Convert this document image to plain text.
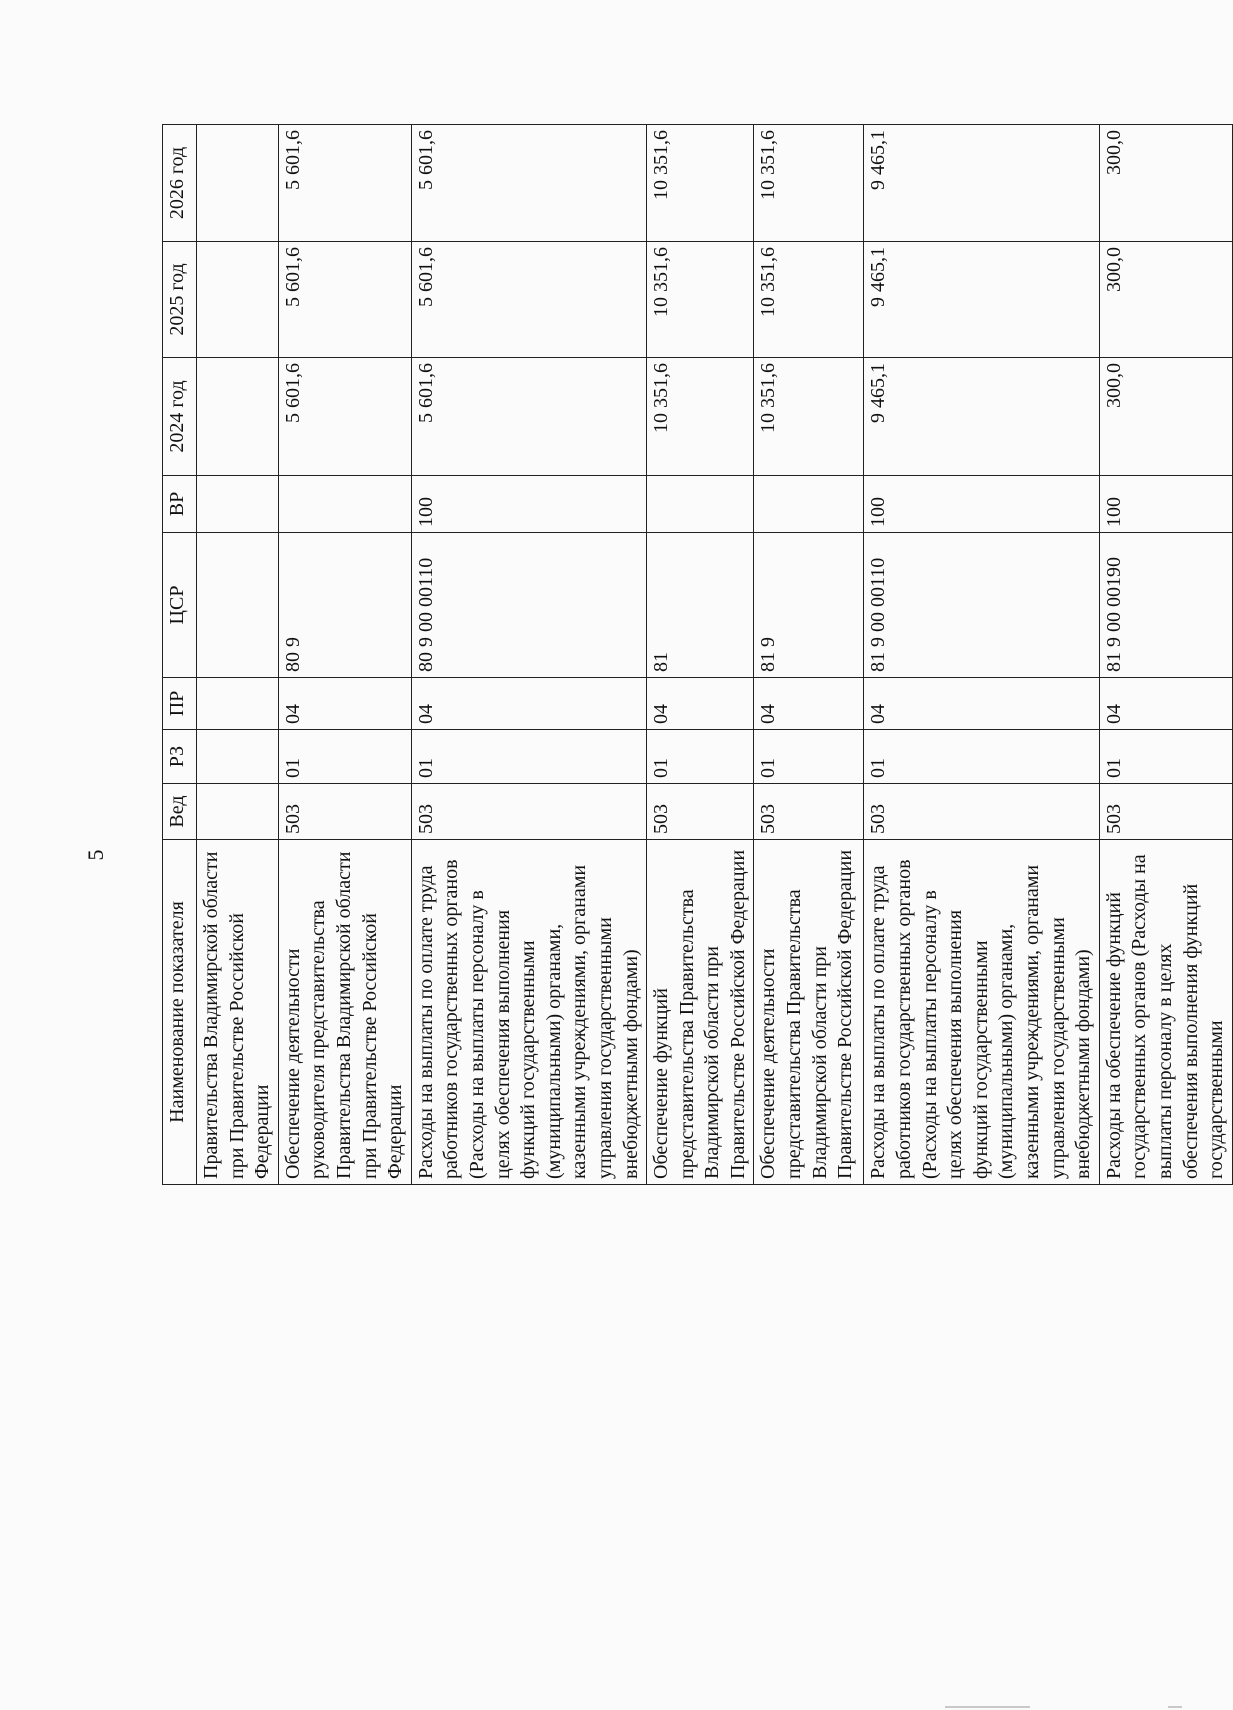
5
Наименование показателя	Вед	РЗ	ПР	ЦСР	ВР	2024 год	2025 год	2026 год
Правительства Владимирской области при Правительстве Российской Федерации								
Обеспечение деятельности руководителя представительства Правительства Владимирской области при Правительстве Российской Федерации	503	01	04	80 9		5 601,6	5 601,6	5 601,6
Расходы на выплаты по оплате труда работников государственных органов (Расходы на выплаты персоналу в целях обеспечения выполнения функций государственными (муниципальными) органами, казенными учреждениями, органами управления государственными внебюджетными фондами)	503	01	04	80 9 00 00110	100	5 601,6	5 601,6	5 601,6
Обеспечение функций представительства Правительства Владимирской области при Правительстве Российской Федерации	503	01	04	81		10 351,6	10 351,6	10 351,6
Обеспечение деятельности представительства Правительства Владимирской области при Правительстве Российской Федерации	503	01	04	81 9		10 351,6	10 351,6	10 351,6
Расходы на выплаты по оплате труда работников государственных органов (Расходы на выплаты персоналу в целях обеспечения выполнения функций государственными (муниципальными) органами, казенными учреждениями, органами управления государственными внебюджетными фондами)	503	01	04	81 9 00 00110	100	9 465,1	9 465,1	9 465,1
Расходы на обеспечение функций государственных органов (Расходы на выплаты персоналу в целях обеспечения выполнения функций государственными	503	01	04	81 9 00 00190	100	300,0	300,0	300,0
